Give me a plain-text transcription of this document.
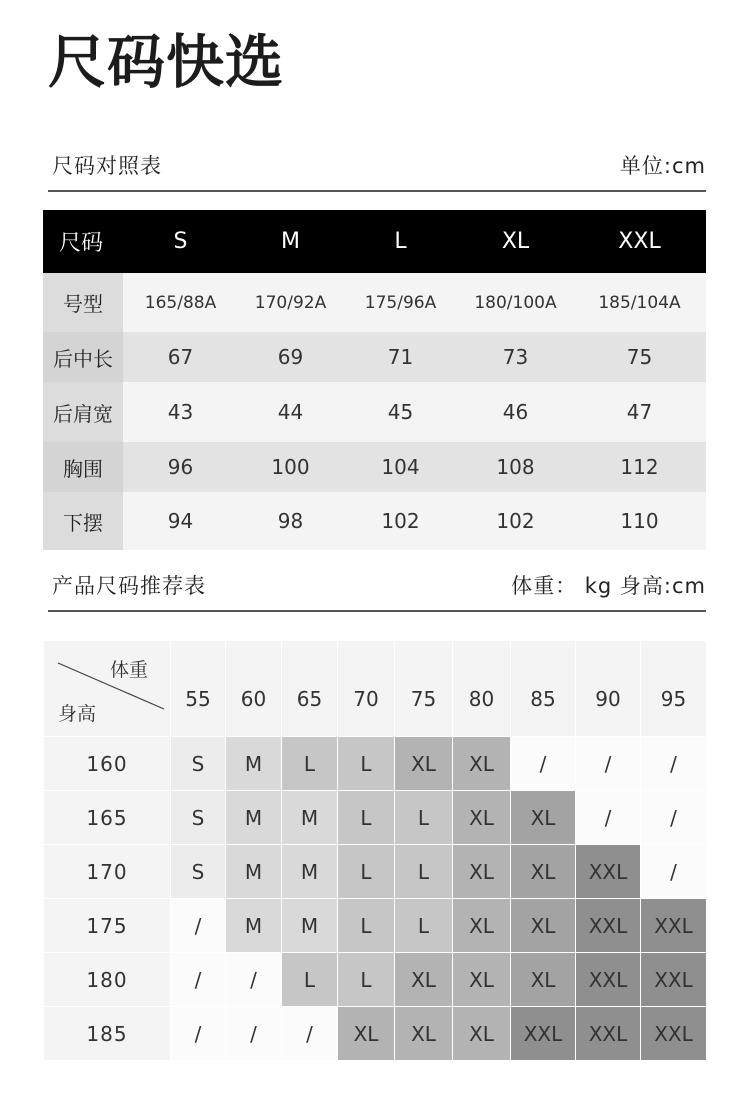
尺码快选
尺码对照表	单位:cm
尺码	S	M	L	XL	XXL
号型	165/88A	170/92A	175/96A	180/100A	185/104A
后中长	67	69	71	73	75
后肩宽	43	44	45	46	47
胸围	96	100	104	108	112
下摆	94	98	102	102	110
产品尺码推荐表	体重： kg 身高:cm
体重
身高	55	60	65	70	75	80	85	90	95
160	S	M	L	L	XL	XL	/	/	/
165	S	M	M	L	L	XL	XL	/	/
170	S	M	M	L	L	XL	XL	XXL	/
175	/	M	M	L	L	XL	XL	XXL	XXL
180	/	/	L	L	XL	XL	XL	XXL	XXL
185	/	/	/	XL	XL	XL	XXL	XXL	XXL
